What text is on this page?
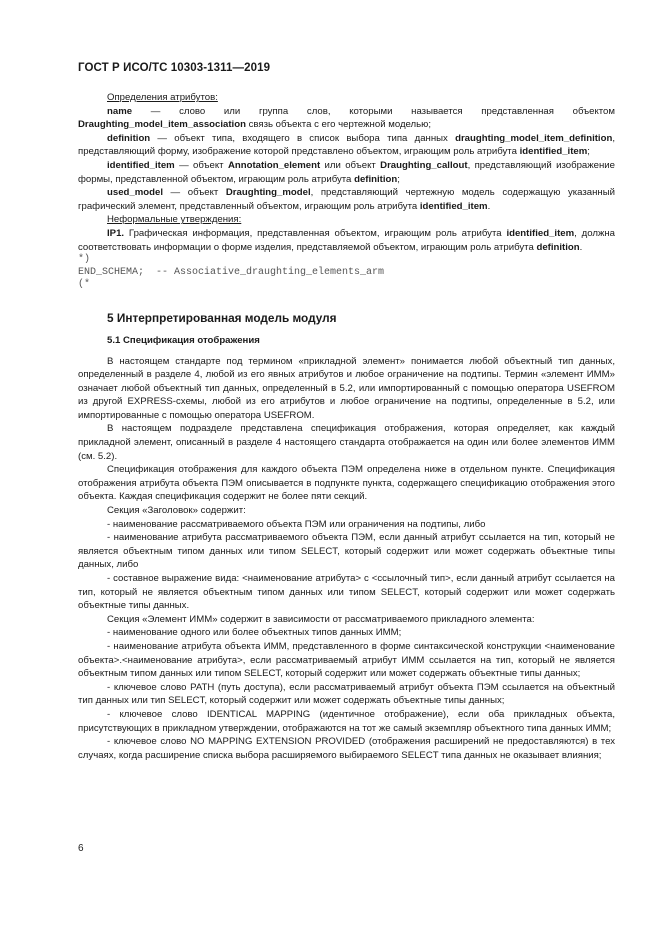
ГОСТ Р ИСО/ТС 10303-1311—2019

Определения атрибутов:

name — слово или группа слов, которыми называется представленная объектом Draughting_model_item_association связь объекта с его чертежной моделью;

definition — объект типа, входящего в список выбора типа данных draughting_model_item_definition, представляющий форму, изображение которой представлено объектом, играющим роль атрибута identified_item;

identified_item — объект Annotation_element или объект Draughting_callout, представляющий изображение формы, представленной объектом, играющим роль атрибута definition;

used_model — объект Draughting_model, представляющий чертежную модель содержащую указанный графический элемент, представленный объектом, играющим роль атрибута identified_item.

Неформальные утверждения:

IP1. Графическая информация, представленная объектом, играющим роль атрибута identified_item, должна соответствовать информации о форме изделия, представляемой объектом, играющим роль атрибута definition.

*)
END_SCHEMA;  -- Associative_draughting_elements_arm
(*

5 Интерпретированная модель модуля

5.1 Спецификация отображения

В настоящем стандарте под термином «прикладной элемент» понимается любой объектный тип данных, определенный в разделе 4, любой из его явных атрибутов и любое ограничение на подтипы. Термин «элемент ИММ» означает любой объектный тип данных, определенный в 5.2, или импортированный с помощью оператора USEFROM из другой EXPRESS-схемы, любой из его атрибутов и любое ограничение на подтипы, определенные в 5.2, или импортированные с помощью оператора USEFROM.

В настоящем подразделе представлена спецификация отображения, которая определяет, как каждый прикладной элемент, описанный в разделе 4 настоящего стандарта отображается на один или более элементов ИММ (см. 5.2).

Спецификация отображения для каждого объекта ПЭМ определена ниже в отдельном пункте. Спецификация отображения атрибута объекта ПЭМ описывается в подпункте пункта, содержащего спецификацию отображения этого объекта. Каждая спецификация содержит не более пяти секций.

Секция «Заголовок» содержит:

- наименование рассматриваемого объекта ПЭМ или ограничения на подтипы, либо

- наименование атрибута рассматриваемого объекта ПЭМ, если данный атрибут ссылается на тип, который не является объектным типом данных или типом SELECT, который содержит или может содержать объектные типы данных, либо

- составное выражение вида: <наименование атрибута> с <ссылочный тип>, если данный атрибут ссылается на тип, который не является объектным типом данных или типом SELECT, который содержит или может содержать объектные типы данных.

Секция «Элемент ИММ» содержит в зависимости от рассматриваемого прикладного элемента:

- наименование одного или более объектных типов данных ИММ;

- наименование атрибута объекта ИММ, представленного в форме синтаксической конструкции <наименование объекта>.<наименование атрибута>, если рассматриваемый атрибут ИММ ссылается на тип, который не является объектным типом данных или типом SELECT, который содержит или может содержать объектные типы данных;

- ключевое слово PATH (путь доступа), если рассматриваемый атрибут объекта ПЭМ ссылается на объектный тип данных или тип SELECT, который содержит или может содержать объектные типы данных;

- ключевое слово IDENTICAL MAPPING (идентичное отображение), если оба прикладных объекта, присутствующих в прикладном утверждении, отображаются на тот же самый экземпляр объектного типа данных ИММ;

- ключевое слово NO MAPPING EXTENSION PROVIDED (отображения расширений не предоставляются) в тех случаях, когда расширение списка выбора расширяемого выбираемого SELECT типа данных не оказывает влияния;

6
